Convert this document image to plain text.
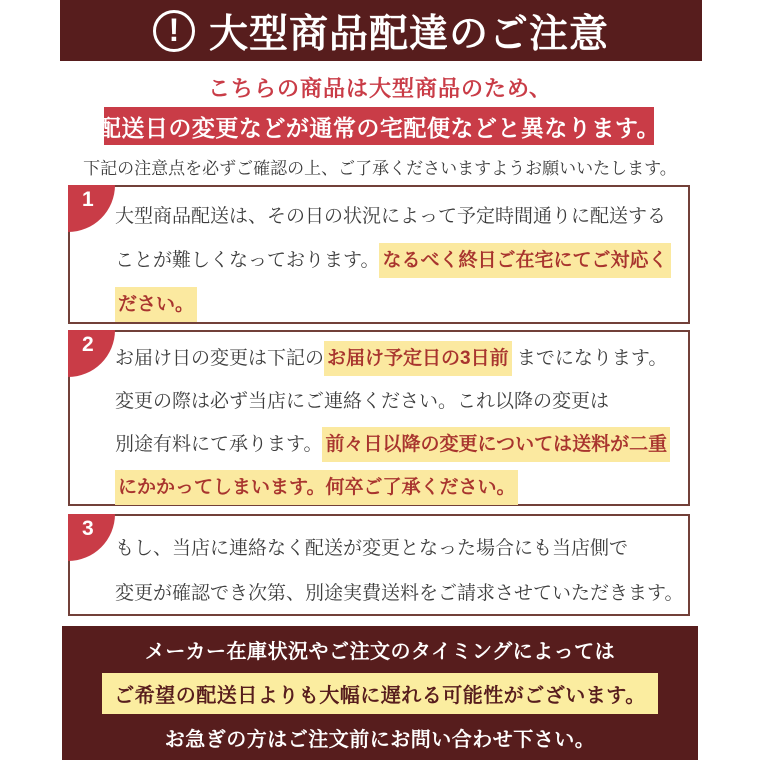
! 大型商品配達のご注意
こちらの商品は大型商品のため、
配送日の変更などが通常の宅配便などと異なります。
下記の注意点を必ずご確認の上、ご了承くださいますようお願いいたします。
1
大型商品配送は、その日の状況によって予定時間通りに配送する
ことが難しくなっております。 なるべく終日ご在宅にてご対応く
ださい。
2
お届け日の変更は下記の お届け予定日の3日前 までになります。
変更の際は必ず当店にご連絡ください。これ以降の変更は
別途有料にて承ります。 前々日以降の変更については送料が二重
にかかってしまいます。何卒ご了承ください。
3
もし、当店に連絡なく配送が変更となった場合にも当店側で
変更が確認でき次第、別途実費送料をご請求させていただきます。
メーカー在庫状況やご注文のタイミングによっては
ご希望の配送日よりも大幅に遅れる可能性がございます。
お急ぎの方はご注文前にお問い合わせ下さい。
